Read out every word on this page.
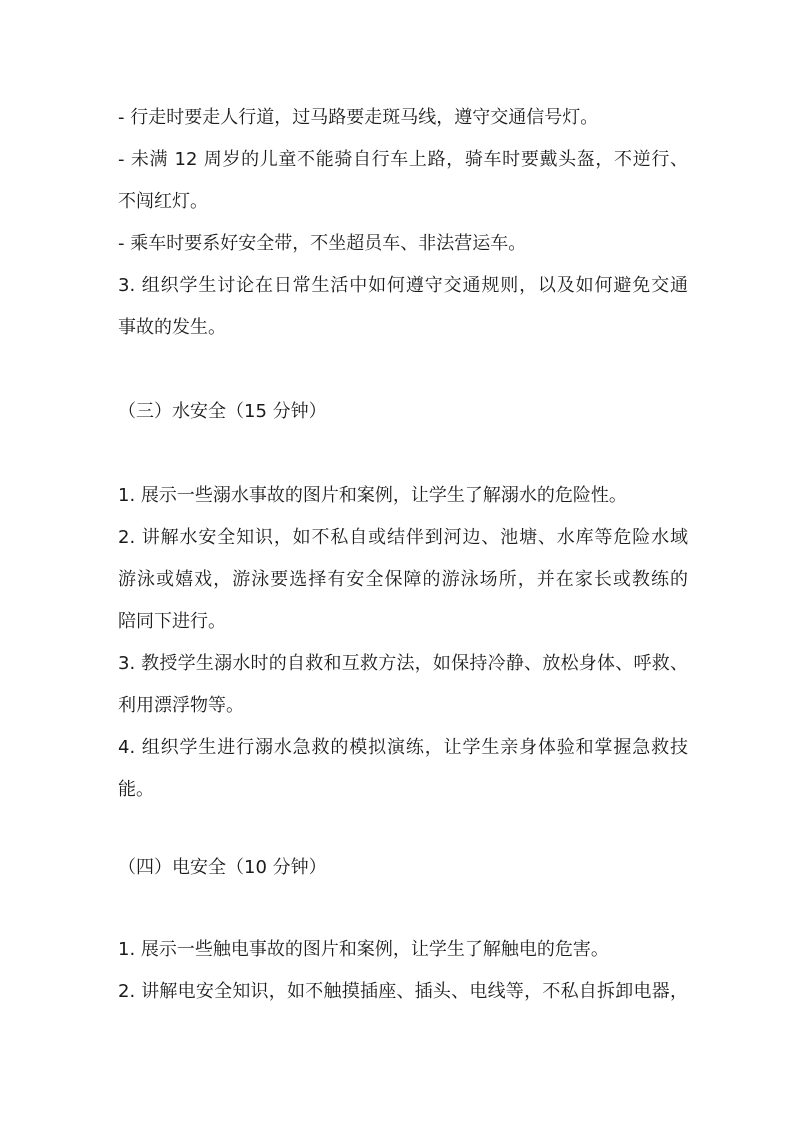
- 行走时要走人行道，过马路要走斑马线，遵守交通信号灯。
- 未满 12 周岁的儿童不能骑自行车上路，骑车时要戴头盔，不逆行、
不闯红灯。
- 乘车时要系好安全带，不坐超员车、非法营运车。
3. 组织学生讨论在日常生活中如何遵守交通规则，以及如何避免交通
事故的发生。
（三）水安全（15 分钟）
1. 展示一些溺水事故的图片和案例，让学生了解溺水的危险性。
2. 讲解水安全知识，如不私自或结伴到河边、池塘、水库等危险水域
游泳或嬉戏，游泳要选择有安全保障的游泳场所，并在家长或教练的
陪同下进行。
3. 教授学生溺水时的自救和互救方法，如保持冷静、放松身体、呼救、
利用漂浮物等。
4. 组织学生进行溺水急救的模拟演练，让学生亲身体验和掌握急救技
能。
（四）电安全（10 分钟）
1. 展示一些触电事故的图片和案例，让学生了解触电的危害。
2. 讲解电安全知识，如不触摸插座、插头、电线等，不私自拆卸电器，
